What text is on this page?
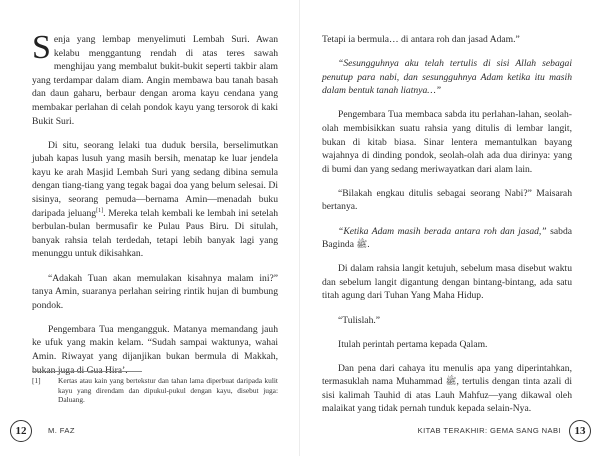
Senja yang lembap menyelimuti Lembah Suri. Awan kelabu menggantung rendah di atas teres sawah menghijau yang membalut bukit-bukit seperti takbir alam yang terdampar dalam diam. Angin membawa bau tanah basah dan daun gaharu, berbaur dengan aroma kayu cendana yang membakar perlahan di celah pondok kayu yang tersorok di kaki Bukit Suri.

Di situ, seorang lelaki tua duduk bersila, berselimutkan jubah kapas lusuh yang masih bersih, menatap ke luar jendela kayu ke arah Masjid Lembah Suri yang sedang dibina semula dengan tiang-tiang yang tegak bagai doa yang belum selesai. Di sisinya, seorang pemuda—bernama Amin—menadah buku daripada jeluang[1]. Mereka telah kembali ke lembah ini setelah berbulan-bulan bermusafir ke Pulau Paus Biru. Di situlah, banyak rahsia telah terdedah, tetapi lebih banyak lagi yang menunggu untuk dikisahkan.

“Adakah Tuan akan memulakan kisahnya malam ini?” tanya Amin, suaranya perlahan seiring rintik hujan di bumbung pondok.

Pengembara Tua mengangguk. Matanya memandang jauh ke ufuk yang makin kelam. “Sudah sampai waktunya, wahai Amin. Riwayat yang dijanjikan bukan bermula di Makkah, bukan juga di Gua Hira’.

[1] Kertas atau kain yang bertekstur dan tahan lama diperbuat daripada kulit kayu yang direndam dan dipukul-pukul dengan kayu, disebut juga: Daluang.
12	M. FAZ

Tetapi ia bermula… di antara roh dan jasad Adam.”

“Sesungguhnya aku telah tertulis di sisi Allah sebagai penutup para nabi, dan sesungguhnya Adam ketika itu masih dalam bentuk tanah liatnya…”

Pengembara Tua membaca sabda itu perlahan-lahan, seolah-olah membisikkan suatu rahsia yang ditulis di lembar langit, bukan di kitab biasa. Sinar lentera memantulkan bayang wajahnya di dinding pondok, seolah-olah ada dua dirinya: yang di bumi dan yang sedang meriwayatkan dari alam lain.

“Bilakah engkau ditulis sebagai seorang Nabi?” Maisarah bertanya.

“Ketika Adam masih berada antara roh dan jasad,” sabda Baginda ﷺ.

Di dalam rahsia langit ketujuh, sebelum masa disebut waktu dan sebelum langit digantung dengan bintang-bintang, ada satu titah agung dari Tuhan Yang Maha Hidup.

“Tulislah.”

Itulah perintah pertama kepada Qalam.

Dan pena dari cahaya itu menulis apa yang diperintahkan, termasuklah nama Muhammad ﷺ, tertulis dengan tinta azali di sisi kalimah Tauhid di atas Lauh Mahfuz—yang dikawal oleh malaikat yang tidak pernah tunduk kepada selain-Nya.

KITAB TERAKHIR: GEMA SANG NABI 13
